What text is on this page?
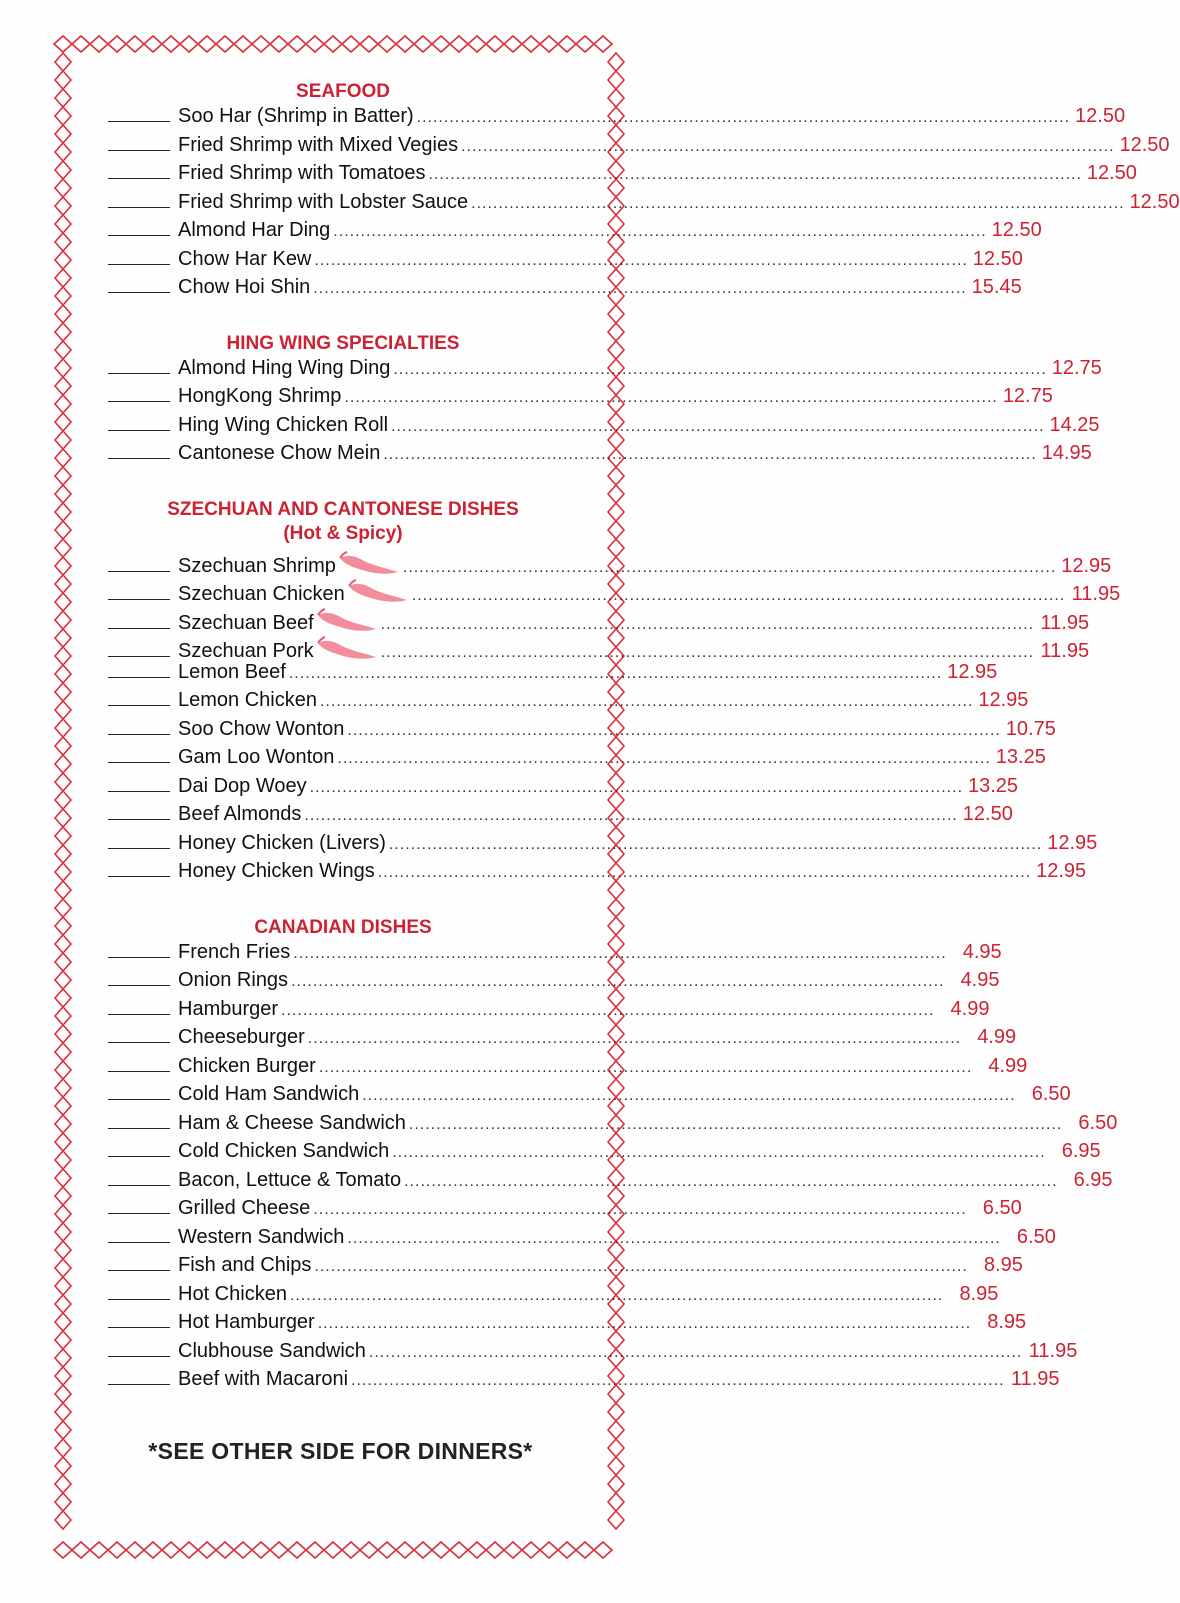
SEAFOOD
Soo Har (Shrimp in Batter) ........................................................................................................................ 12.50
Fried Shrimp with Mixed Vegies ........................................................................................................................ 12.50
Fried Shrimp with Tomatoes ........................................................................................................................ 12.50
Fried Shrimp with Lobster Sauce ........................................................................................................................ 12.50
Almond Har Ding ........................................................................................................................ 12.50
Chow Har Kew ........................................................................................................................ 12.50
Chow Hoi Shin ........................................................................................................................ 15.45
HING WING SPECIALTIES
Almond Hing Wing Ding ........................................................................................................................ 12.75
HongKong Shrimp ........................................................................................................................ 12.75
Hing Wing Chicken Roll ........................................................................................................................ 14.25
Cantonese Chow Mein ........................................................................................................................ 14.95
SZECHUAN AND CANTONESE DISHES
(Hot & Spicy)
Szechuan Shrimp	........................................................................................................................ 12.95
Szechuan Chicken	........................................................................................................................ 11.95
Szechuan Beef	........................................................................................................................ 11.95
Szechuan Pork	........................................................................................................................ 11.95
Lemon Beef ........................................................................................................................ 12.95
Lemon Chicken ........................................................................................................................ 12.95
Soo Chow Wonton ........................................................................................................................ 10.75
Gam Loo Wonton ........................................................................................................................ 13.25
Dai Dop Woey ........................................................................................................................ 13.25
Beef Almonds ........................................................................................................................ 12.50
Honey Chicken (Livers) ........................................................................................................................ 12.95
Honey Chicken Wings ........................................................................................................................ 12.95
CANADIAN DISHES
French Fries ........................................................................................................................ 4.95
Onion Rings ........................................................................................................................ 4.95
Hamburger ........................................................................................................................ 4.99
Cheeseburger ........................................................................................................................ 4.99
Chicken Burger ........................................................................................................................ 4.99
Cold Ham Sandwich ........................................................................................................................ 6.50
Ham & Cheese Sandwich ........................................................................................................................ 6.50
Cold Chicken Sandwich ........................................................................................................................ 6.95
Bacon, Lettuce & Tomato ........................................................................................................................ 6.95
Grilled Cheese ........................................................................................................................ 6.50
Western Sandwich ........................................................................................................................ 6.50
Fish and Chips ........................................................................................................................ 8.95
Hot Chicken ........................................................................................................................ 8.95
Hot Hamburger ........................................................................................................................ 8.95
Clubhouse Sandwich ........................................................................................................................ 11.95
Beef with Macaroni ........................................................................................................................ 11.95
*SEE OTHER SIDE FOR DINNERS*
